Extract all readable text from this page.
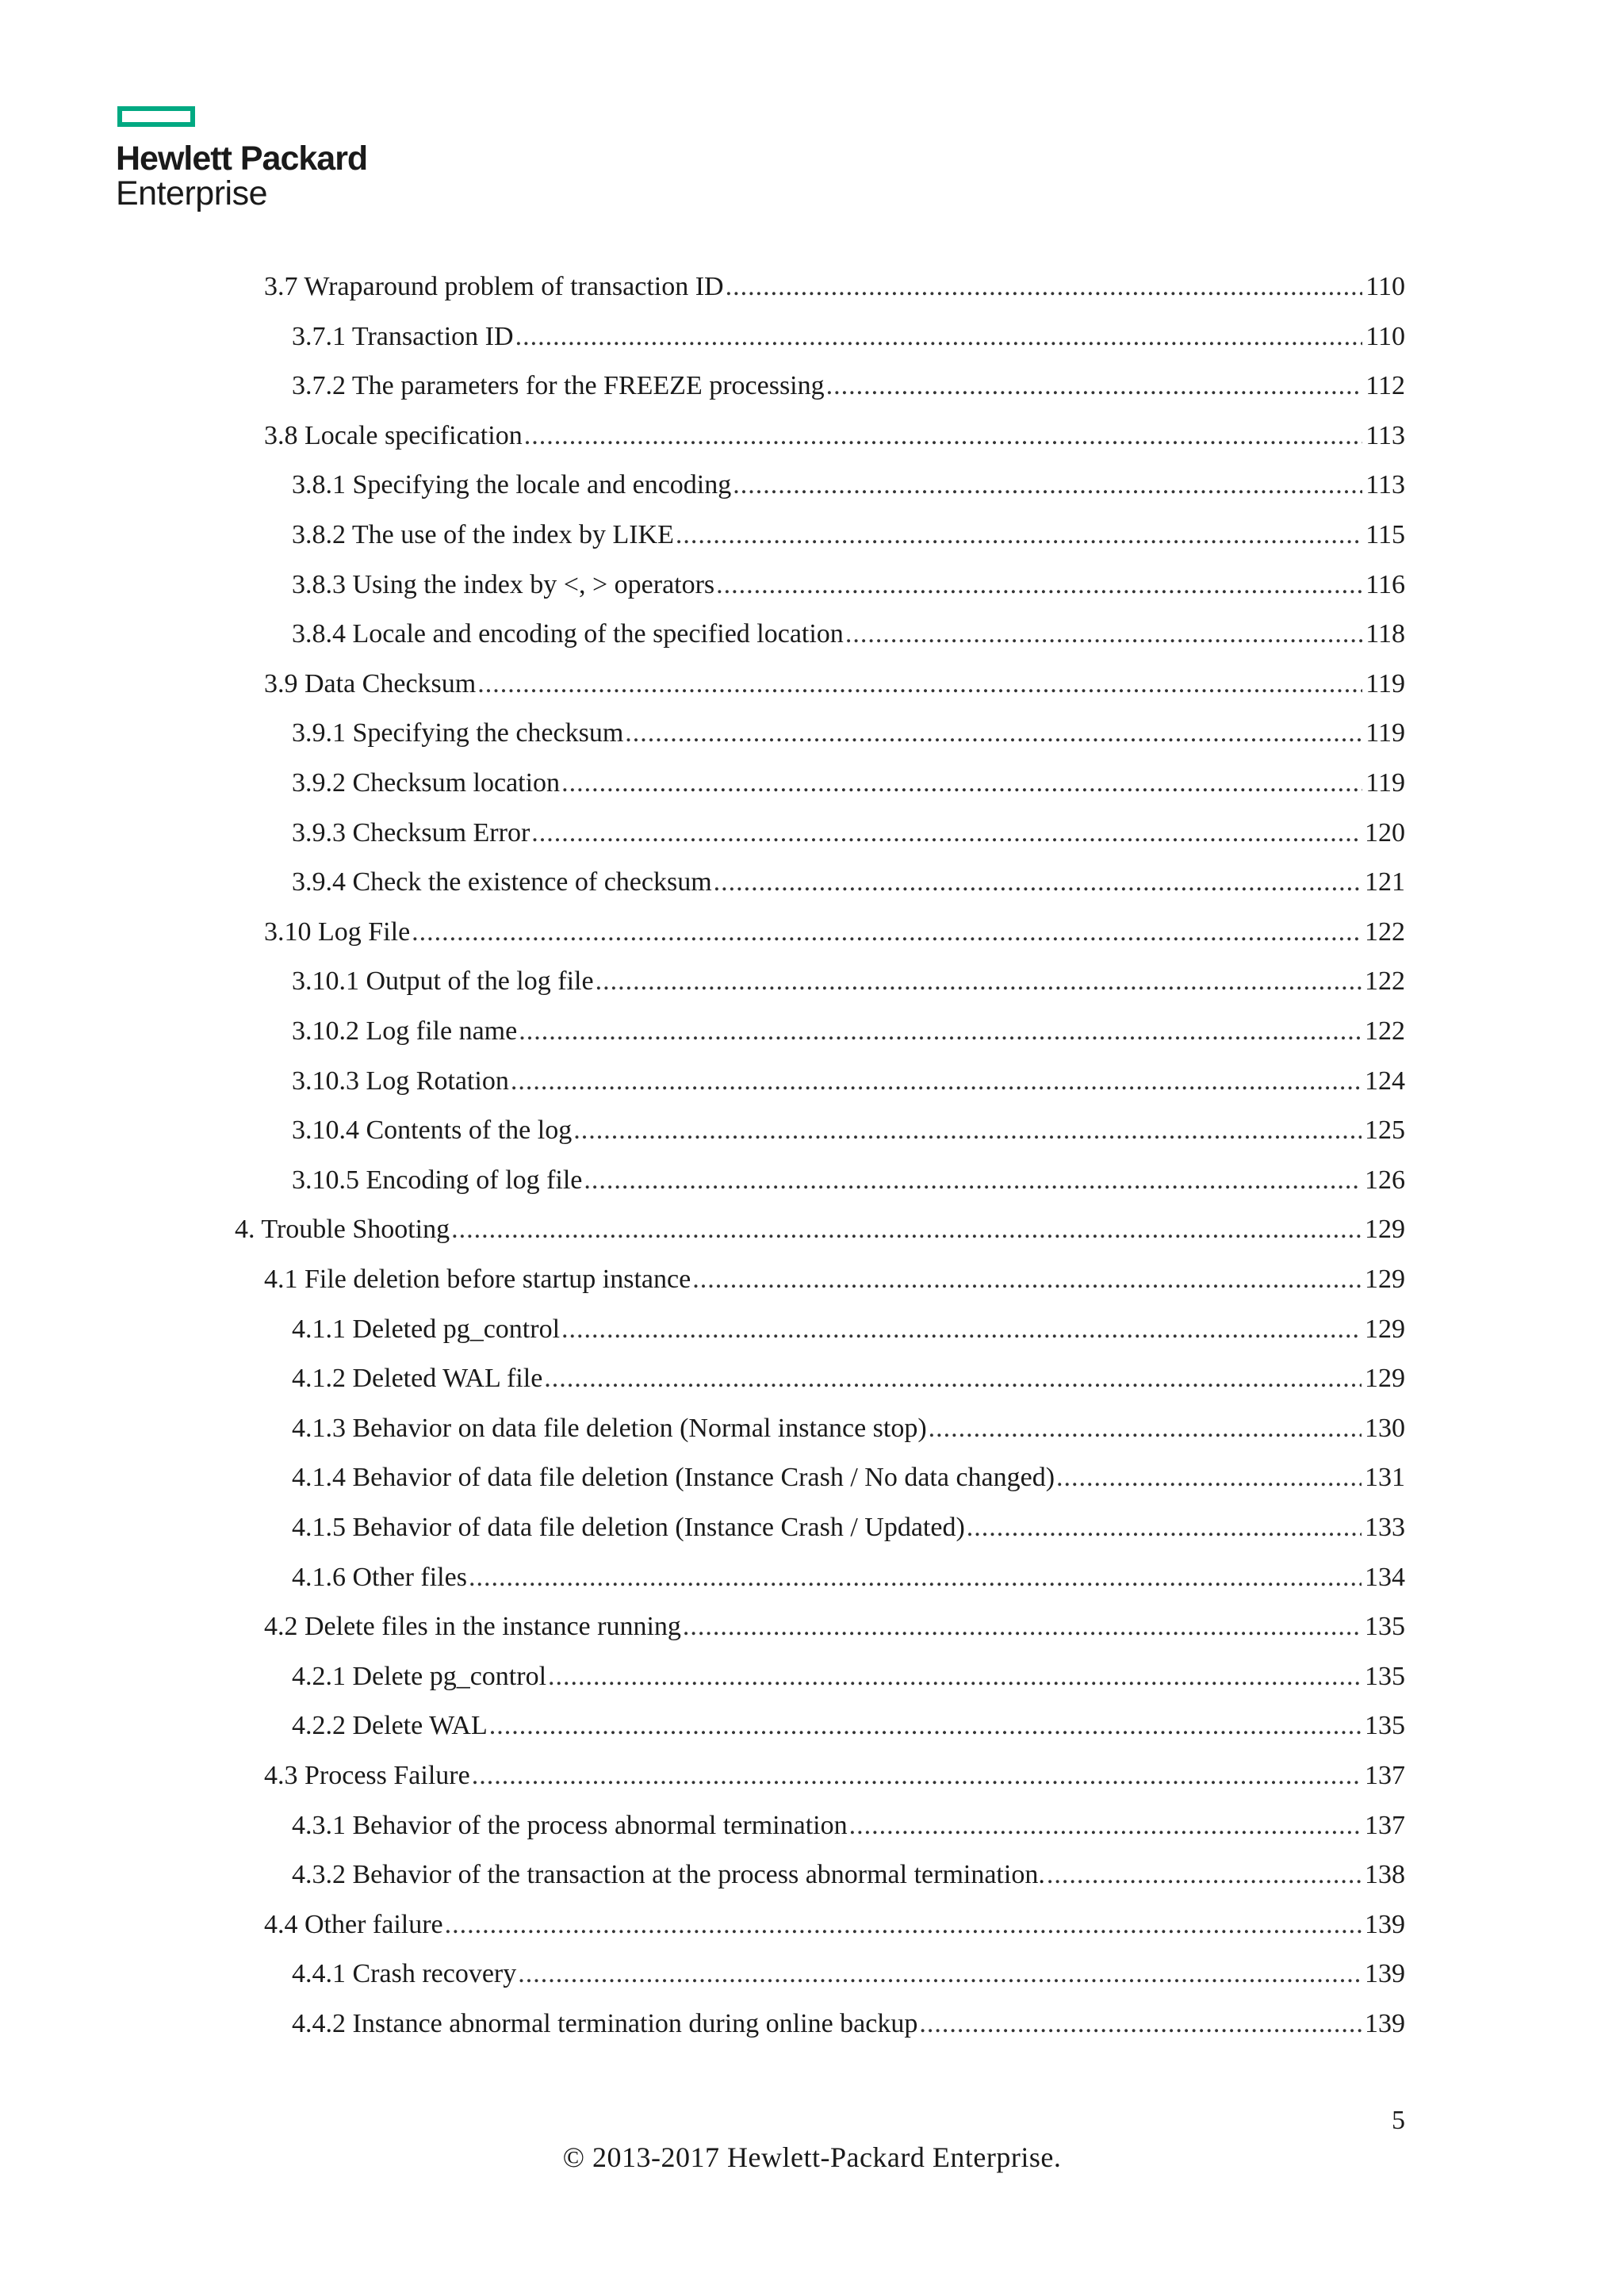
Hewlett Packard
Enterprise
3.7 Wraparound problem of transaction ID .....	110
3.7.1 Transaction ID .....	110
3.7.2 The parameters for the FREEZE processing .....	112
3.8 Locale specification .....	113
3.8.1 Specifying the locale and encoding .....	113
3.8.2 The use of the index by LIKE .....	115
3.8.3 Using the index by <, > operators .....	116
3.8.4 Locale and encoding of the specified location .....	118
3.9 Data Checksum .....	119
3.9.1 Specifying the checksum .....	119
3.9.2 Checksum location .....	119
3.9.3 Checksum Error .....	120
3.9.4 Check the existence of checksum .....	121
3.10 Log File .....	122
3.10.1 Output of the log file .....	122
3.10.2 Log file name .....	122
3.10.3 Log Rotation .....	124
3.10.4 Contents of the log .....	125
3.10.5 Encoding of log file .....	126
4. Trouble Shooting .....	129
4.1 File deletion before startup instance .....	129
4.1.1 Deleted pg_control .....	129
4.1.2 Deleted WAL file .....	129
4.1.3 Behavior on data file deletion (Normal instance stop) .....	130
4.1.4 Behavior of data file deletion (Instance Crash / No data changed) .....	131
4.1.5 Behavior of data file deletion (Instance Crash / Updated) .....	133
4.1.6 Other files .....	134
4.2 Delete files in the instance running .....	135
4.2.1 Delete pg_control .....	135
4.2.2 Delete WAL .....	135
4.3 Process Failure .....	137
4.3.1 Behavior of the process abnormal termination .....	137
4.3.2 Behavior of the transaction at the process abnormal termination. .....	138
4.4 Other failure .....	139
4.4.1 Crash recovery .....	139
4.4.2 Instance abnormal termination during online backup .....	139
5
© 2013-2017 Hewlett-Packard Enterprise.
